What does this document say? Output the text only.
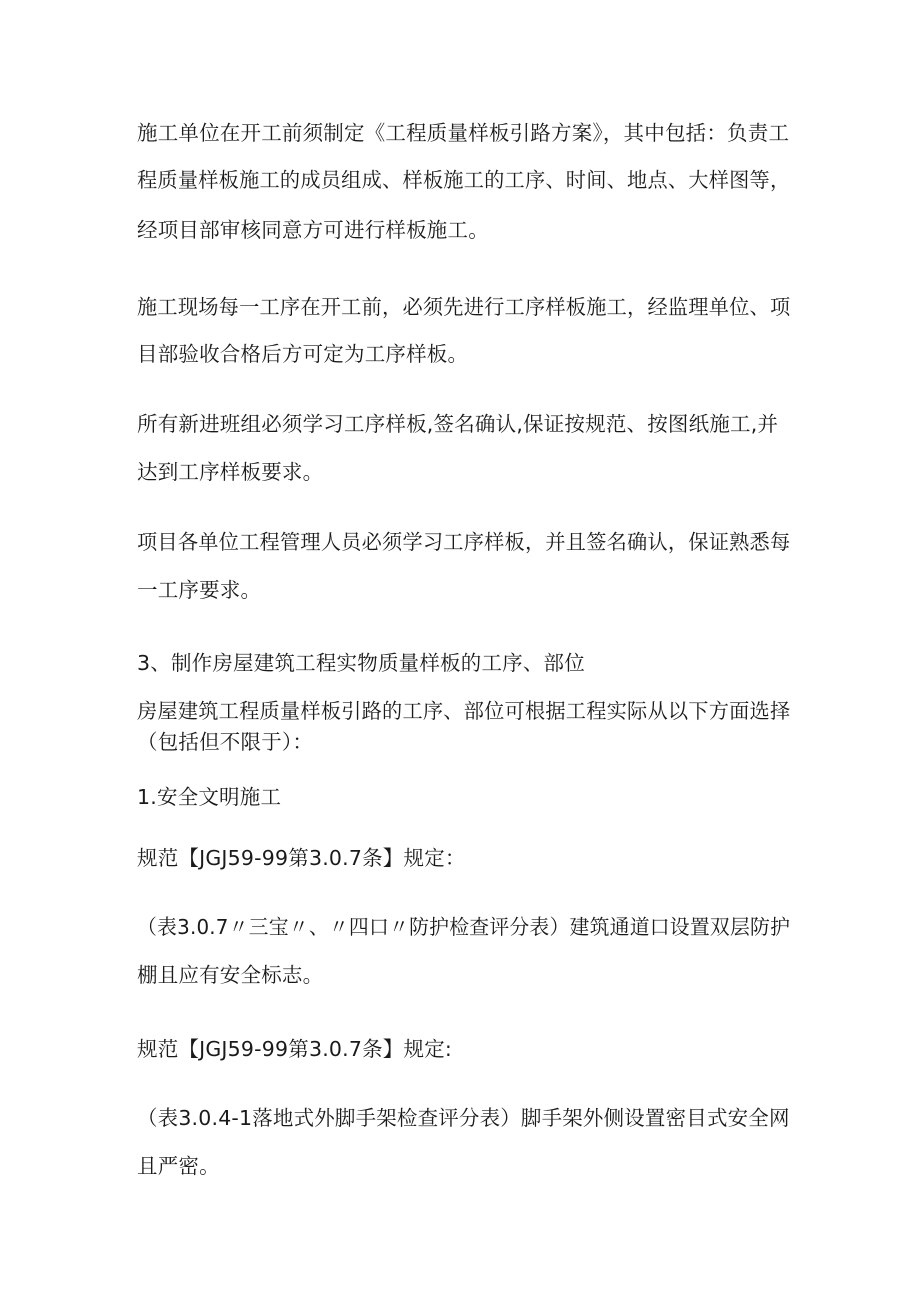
施工单位在开工前须制定《工程质量样板引路方案》，其中包括：负责工
程质量样板施工的成员组成、样板施工的工序、时间、地点、大样图等，
经项目部审核同意方可进行样板施工。
施工现场每一工序在开工前，必须先进行工序样板施工，经监理单位、项
目部验收合格后方可定为工序样板。
所有新进班组必须学习工序样板,签名确认,保证按规范、按图纸施工,并
达到工序样板要求。
项目各单位工程管理人员必须学习工序样板，并且签名确认，保证熟悉每
一工序要求。
3、制作房屋建筑工程实物质量样板的工序、部位
房屋建筑工程质量样板引路的工序、部位可根据工程实际从以下方面选择
（包括但不限于）：
1.安全文明施工
规范【JGJ59-99第3.0.7条】规定：
（表3.0.7〃三宝〃、〃四口〃防护检查评分表）建筑通道口设置双层防护
棚且应有安全标志。
规范【JGJ59-99第3.0.7条】规定:
（表3.0.4-1落地式外脚手架检查评分表）脚手架外侧设置密目式安全网
且严密。
